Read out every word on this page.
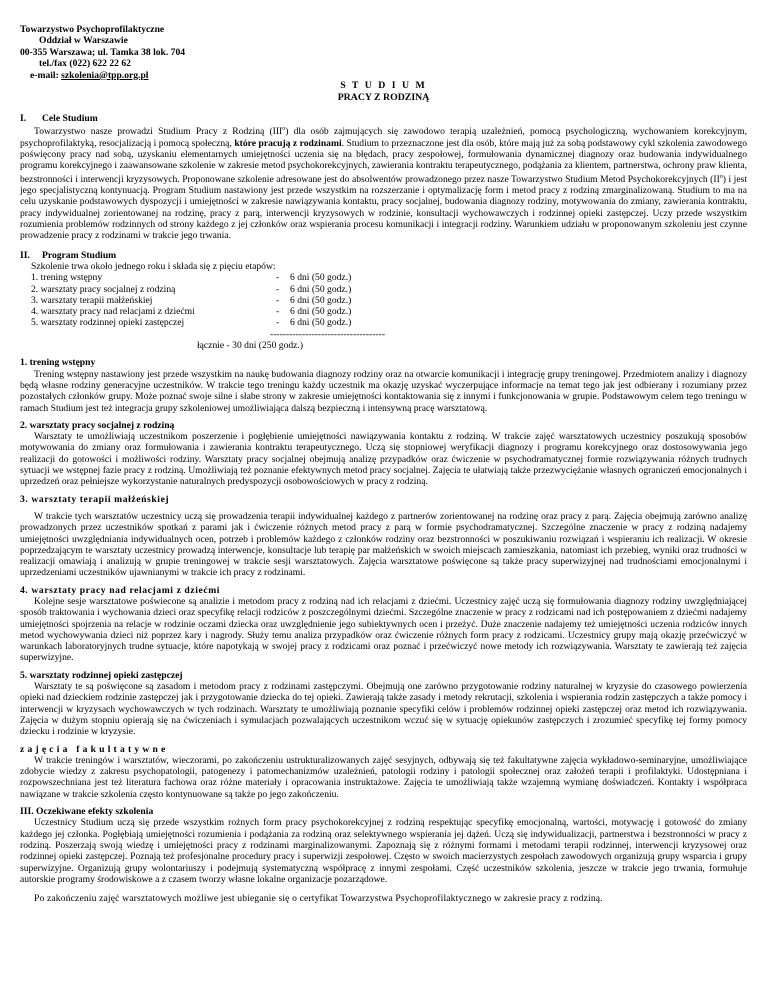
Towarzystwo Psychoprofilaktyczne
Oddział w Warszawie
00-355 Warszawa; ul. Tamka 38 lok. 704
tel./fax (022) 622 22 62
e-mail: szkolenia@tpp.org.pl
S T U D I U M
PRACY Z RODZINĄ
I.	Cele Studium

Towarzystwo nasze prowadzi Studium Pracy z Rodziną (III$^o$) dla osób zajmujących się zawodowo terapią uzależnień, pomocą psychologiczną, wychowaniem korekcyjnym, psychoprofilaktyką, resocjalizacją i pomocą społeczną, które pracują z rodzinami. Studium to przeznaczone jest dla osób, które mają już za sobą podstawowy cykl szkolenia zawodowego poświęcony pracy nad sobą, uzyskaniu elementarnych umiejętności uczenia się na błędach, pracy zespołowej, formułowania dynamicznej diagnozy oraz budowania indywidualnego programu korekcyjnego i zaawansowane szkolenie w zakresie metod psychokorekcyjnych, zawierania kontraktu terapeutycznego, podążania za klientem, partnerstwa, ochrony praw klienta, bezstronności i interwencji kryzysowych. Proponowane szkolenie adresowane jest do absolwentów prowadzonego przez nasze Towarzystwo Studium Metod Psychokorekcyjnych $(II^o)$ i jest jego specjalistyczną kontynuacją. Program Studium nastawiony jest przede wszystkim na rozszerzanie i optymalizację form i metod pracy z rodziną zmarginalizowaną. Studium to ma na celu uzyskanie podstawowych dyspozycji i umiejętności w zakresie nawiązywania kontaktu, pracy socjalnej, budowania diagnozy rodziny, motywowania do zmiany, zawierania kontraktu, pracy indywidualnej zorientowanej na rodzinę, pracy z parą, interwencji kryzysowych w rodzinie, konsultacji wychowawczych i rodzinnej opieki zastępczej. Uczy przede wszystkim rozumienia problemów rodzinnych od strony każdego z jej członków oraz wspierania procesu komunikacji i integracji rodziny. Warunkiem udziału w proponowanym szkoleniu jest czynne prowadzenie pracy z rodzinami w trakcie jego trwania.

II.	Program Studium
Szkolenie trwa około jednego roku i składa się z pięciu etapów:
1. trening wstępny	-	6 dni (50 godz.)
2. warsztaty pracy socjalnej z rodziną	-	6 dni (50 godz.)
3. warsztaty terapii małżeńskiej	-	6 dni (50 godz.)
4. warsztaty pracy nad relacjami z dziećmi	-	6 dni (50 godz.)
5. warsztaty rodzinnej opieki zastępczej	-	6 dni (50 godz.)
------------------------------------
łącznie - 30 dni (250 godz.)
1. trening wstępny

Trening wstępny nastawiony jest przede wszystkim na naukę budowania diagnozy rodziny oraz na otwarcie komunikacji i integrację grupy treningowej. Przedmiotem analizy i diagnozy będą własne rodziny generacyjne uczestników. W trakcie tego treningu każdy uczestnik ma okazję uzyskać wyczerpujące informacje na temat tego jak jest odbierany i rozumiany przez pozostałych członków grupy. Może poznać swoje silne i słabe strony w zakresie umiejętności kontaktowania się z innymi i funkcjonowania w grupie. Podstawowym celem tego treningu w ramach Studium jest też integracja grupy szkoleniowej umożliwiająca dalszą bezpieczną i intensywną pracę warsztatową.

2. warsztaty pracy socjalnej z rodziną

Warsztaty te umożliwiają uczestnikom poszerzenie i pogłębienie umiejętności nawiązywania kontaktu z rodziną. W trakcie zajęć warsztatowych uczestnicy poszukują sposobów motywowania do zmiany oraz formułowania i zawierania kontraktu terapeutycznego. Uczą się stopniowej weryfikacji diagnozy i programu korekcyjnego oraz dostosowywania jego realizacji do gotowości i możliwości rodziny. Warsztaty pracy socjalnej obejmują analizę przypadków oraz ćwiczenie w psychodramatycznej formie rozwiązywania różnych trudnych sytuacji we wstępnej fazie pracy z rodziną. Umożliwiają też poznanie efektywnych metod pracy socjalnej. Zajęcia te ułatwiają także przezwyciężanie własnych ograniczeń emocjonalnych i uprzedzeń oraz pełniejsze wykorzystanie naturalnych predyspozycji osobowościowych w pracy z rodziną.

3. warsztaty terapii małżeńskiej

W trakcie tych warsztatów uczestnicy uczą się prowadzenia terapii indywidualnej każdego z partnerów zorientowanej na rodzinę oraz pracy z parą. Zajęcia obejmują zarówno analizę prowadzonych przez uczestników spotkań z parami jak i ćwiczenie różnych metod pracy z parą w formie psychodramatycznej. Szczególne znaczenie w pracy z rodziną nadajemy umiejętności uwzględniania indywidualnych ocen, potrzeb i problemów każdego z członków rodziny oraz bezstronności w poszukiwaniu rozwiązań i wspieraniu ich realizacji. W okresie poprzedzającym te warsztaty uczestnicy prowadzą interwencje, konsultacje lub terapię par małżeńskich w swoich miejscach zamieszkania, natomiast ich przebieg, wyniki oraz trudności w realizacji omawiają i analizują w grupie treningowej w trakcie sesji warsztatowych. Zajęcia warsztatowe poświęcone są także pracy superwizyjnej nad trudnościami emocjonalnymi i uprzedzeniami uczestników ujawnianymi w trakcie ich pracy z rodzinami.

4. warsztaty pracy nad relacjami z dziećmi

Kolejne sesje warsztatowe poświecone są analizie i metodom pracy z rodziną nad ich relacjami z dziećmi. Uczestnicy zajęć uczą się formułowania diagnozy rodziny uwzględniającej sposób traktowania i wychowania dzieci oraz specyfikę relacji rodziców z poszczególnymi dziećmi. Szczególne znaczenie w pracy z rodzicami nad ich postępowaniem z dziećmi nadajemy umiejętności spojrzenia na relacje w rodzinie oczami dziecka oraz uwzględnienie jego subiektywnych ocen i przeżyć. Duże znaczenie nadajemy też umiejętności uczenia rodziców innych metod wychowywania dzieci niż poprzez kary i nagrody. Służy temu analiza przypadków oraz ćwiczenie różnych form pracy z rodzicami. Uczestnicy grupy mają okazję przećwiczyć w warunkach laboratoryjnych trudne sytuacje, które napotykają w swojej pracy z rodzicami oraz poznać i przećwiczyć nowe metody ich rozwiązywania. Warsztaty te zawierają też zajęcia superwizyjne.

5. warsztaty rodzinnej opieki zastępczej

Warsztaty te są poświęcone są zasadom i metodom pracy z rodzinami zastępczymi. Obejmują one zarówno przygotowanie rodziny naturalnej w kryzysie do czasowego powierzenia opieki nad dzieckiem rodzinie zastępczej jak i przygotowanie dziecka do tej opieki. Zawierają także zasady i metody rekrutacji, szkolenia i wspierania rodzin zastępczych a także pomocy i interwencji w kryzysach wychowawczych w tych rodzinach. Warsztaty te umożliwiają poznanie specyfiki celów i problemów rodzinnej opieki zastępczej oraz metod ich rozwiązywania. Zajęcia w dużym stopniu opierają się na ćwiczeniach i symulacjach pozwalających uczestnikom wczuć się w sytuację opiekunów zastępczych i zrozumieć specyfikę tej formy pomocy dziecku i rodzinie w kryzysie.

zajęcia fakultatywne

W trakcie treningów i warsztatów, wieczorami, po zakończeniu ustrukturalizowanych zajęć sesyjnych, odbywają się też fakultatywne zajęcia wykładowo-seminaryjne, umożliwiające zdobycie wiedzy z zakresu psychopatologii, patogenezy i patomechanizmów uzależnień, patologii rodziny i patologii społecznej oraz założeń terapii i profilaktyki. Udostępniana i rozpowszechniana jest też literatura fachowa oraz różne materiały i opracowania instruktażowe. Zajęcia te umożliwiają także wzajemną wymianę doświadczeń. Kontakty i współpraca nawiązane w trakcie szkolenia często kontynuowane są także po jego zakończeniu.

III. Oczekiwane efekty szkolenia

Uczestnicy Studium uczą się przede wszystkim rożnych form pracy psychokorekcyjnej z rodziną respektując specyfikę emocjonalną, wartości, motywację i gotowość do zmiany każdego jej członka. Pogłębiają umiejętności rozumienia i podążania za rodziną oraz selektywnego wspierania jej dążeń. Uczą się indywidualizacji, partnerstwa i bezstronności w pracy z rodziną. Poszerzają swoją wiedzę i umiejętności pracy z rodzinami marginalizowanymi. Zapoznają się z różnymi formami i metodami terapii rodzinnej, interwencji kryzysowej oraz rodzinnej opieki zastępczej. Poznają też profesjonalne procedury pracy i superwizji zespołowej. Często w swoich macierzystych zespołach zawodowych organizują grupy wsparcia i grupy superwizyjne. Organizują grupy wolontariuszy i podejmują systematyczną współpracę z innymi zespołami. Część uczestników szkolenia, jeszcze w trakcie jego trwania, formułuje autorskie programy środowiskowe a z czasem tworzy własne lokalne organizacje pozarządowe.

Po zakończeniu zajęć warsztatowych możliwe jest ubieganie się o certyfikat Towarzystwa Psychoprofilaktycznego w zakresie pracy z rodziną.
